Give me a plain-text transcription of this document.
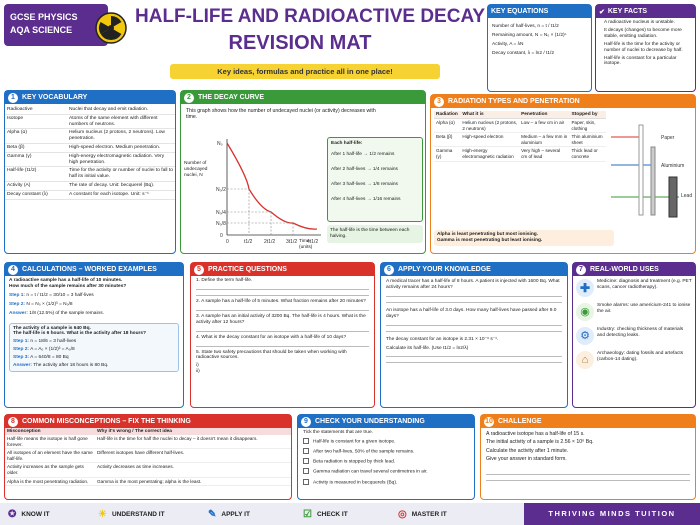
GCSE PHYSICS
AQA SCIENCE
HALF-LIFE AND RADIOACTIVE DECAY
REVISION MAT
Key ideas, formulas and practice all in one place!
KEY EQUATIONS
Number of half-lives, n = t / t1/2
Remaining amount, N = N₀ × (1/2)ⁿ
Activity, A = λN
Decay constant, λ = ln2 / t1/2
✔ KEY FACTS
A radioactive nucleus is unstable.
It decays (changes) to become more stable, emitting radiation.
Half-life is the time for the activity or number of nuclei to decrease by half.
Half-life is constant for a particular isotope.
1	KEY VOCABULARY
Radioactive	Nuclei that decay and emit radiation.
Isotope	Atoms of the same element with different numbers of neutrons.
Alpha (α)	Helium nucleus (2 protons, 2 neutrons). Low penetration.
Beta (β)	High-speed electron. Medium penetration.
Gamma (γ)	High-energy electromagnetic radiation. Very high penetration.
Half-life (t1/2)	Time for the activity or number of nuclei to fall to half its initial value.
Activity (A)	The rate of decay. Unit: becquerel (Bq).
Decay constant (λ)	A constant for each isotope. Unit: s⁻¹
2	THE DECAY CURVE
This graph shows how the number of undecayed nuclei (or activity) decreases with time.
Number of undecayed nuclei, N
N₀
N₀/2
N₀/4
N₀/8
0
0	t1/2 2t1/2 3t1/2 4t1/2
Time (units)
Each half-life:
After 1 half-life → 1/2 remains
After 2 half-lives → 1/4 remains
After 3 half-lives → 1/8 remains
After 4 half-lives → 1/16 remains
The half-life is the time between each halving.
3	RADIATION TYPES AND PENETRATION
Radiation	What it is	Penetration	Stopped by
Alpha (α)	Helium nucleus (2 protons, 2 neutrons)	Low – a few cm in air	Paper, skin, clothing
Beta (β)	High-speed electron	Medium – a few mm in aluminium	Thin aluminium sheet
Gamma (γ)	High-energy electromagnetic radiation	Very high – several cm of lead	Thick lead or concrete
Paper
Aluminium
Lead
Alpha is least penetrating but most ionising.
Gamma is most penetrating but least ionising.
4	CALCULATIONS – WORKED EXAMPLES
A radioactive sample has a half-life of 10 minutes.
How much of the sample remains after 30 minutes?
Step 1: n = t / t1/2 = 30/10 = 3 half-lives
Step 2: N = N₀ × (1/2)³ = N₀/8
Answer: 1/8 (12.5%) of the sample remains.
The activity of a sample is 640 Bq.
The half-life is 6 hours. What is the activity after 18 hours?
Step 1: n = 18/6 = 3 half-lives
Step 2: A = A₀ × (1/2)³ = A₀/8
Step 3: A = 640/8 = 80 Bq
Answer: The activity after 18 hours is 80 Bq.
5	PRACTICE QUESTIONS
1. Define the term half-life.
2. A sample has a half-life of 5 minutes. What fraction remains after 20 minutes?
3. A sample has an initial activity of 3200 Bq. The half-life is 4 hours. What is the activity after 12 hours?
4. What is the decay constant for an isotope with a half-life of 10 days?
5. State two safety precautions that should be taken when working with radioactive sources.
i)
ii)
6	APPLY YOUR KNOWLEDGE
A medical tracer has a half-life of 8 hours. A patient is injected with 1600 Bq. What activity remains after 24 hours?
An isotope has a half-life of 3.0 days. How many half-lives have passed after 9.0 days?
The decay constant for an isotope is 2.31 × 10⁻⁶ s⁻¹.
Calculate its half-life. (Use t1/2 = ln2/λ)
7	REAL-WORLD USES
✚	Medicine: diagnosis and treatment (e.g. PET scans, cancer radiotherapy).
◉
Smoke alarms: use americium-241 to ionise the air.
⚙
Industry: checking thickness of materials and detecting leaks.
⌂
Archaeology: dating fossils and artefacts (carbon-14 dating).
8	COMMON MISCONCEPTIONS – FIX THE THINKING
Misconception	Why it's wrong / The correct idea
Half-life means the isotope is half gone forever.	Half-life is the time for half the nuclei to decay – it doesn't mean it disappears.
All isotopes of an element have the same half-life.	Different isotopes have different half-lives.
Activity increases as the sample gets older.	Activity decreases as time increases.
Alpha is the most penetrating radiation.	Gamma is the most penetrating; alpha is the least.
9	CHECK YOUR UNDERSTANDING
Tick the statements that are true.
Half-life is constant for a given isotope.
After two half-lives, 50% of the sample remains.
Beta radiation is stopped by thick lead.
Gamma radiation can travel several centimetres in air.
Activity is measured in becquerels (Bq).
10 CHALLENGE
A radioactive isotope has a half-life of 15 s.
The initial activity of a sample is 2.56 × 10⁶ Bq.
Calculate the activity after 1 minute.
Give your answer in standard form.
✪ KNOW IT	☀ UNDERSTAND IT	✎ APPLY IT	☑ CHECK IT	◎ MASTER IT	THRIVING MINDS TUITION
